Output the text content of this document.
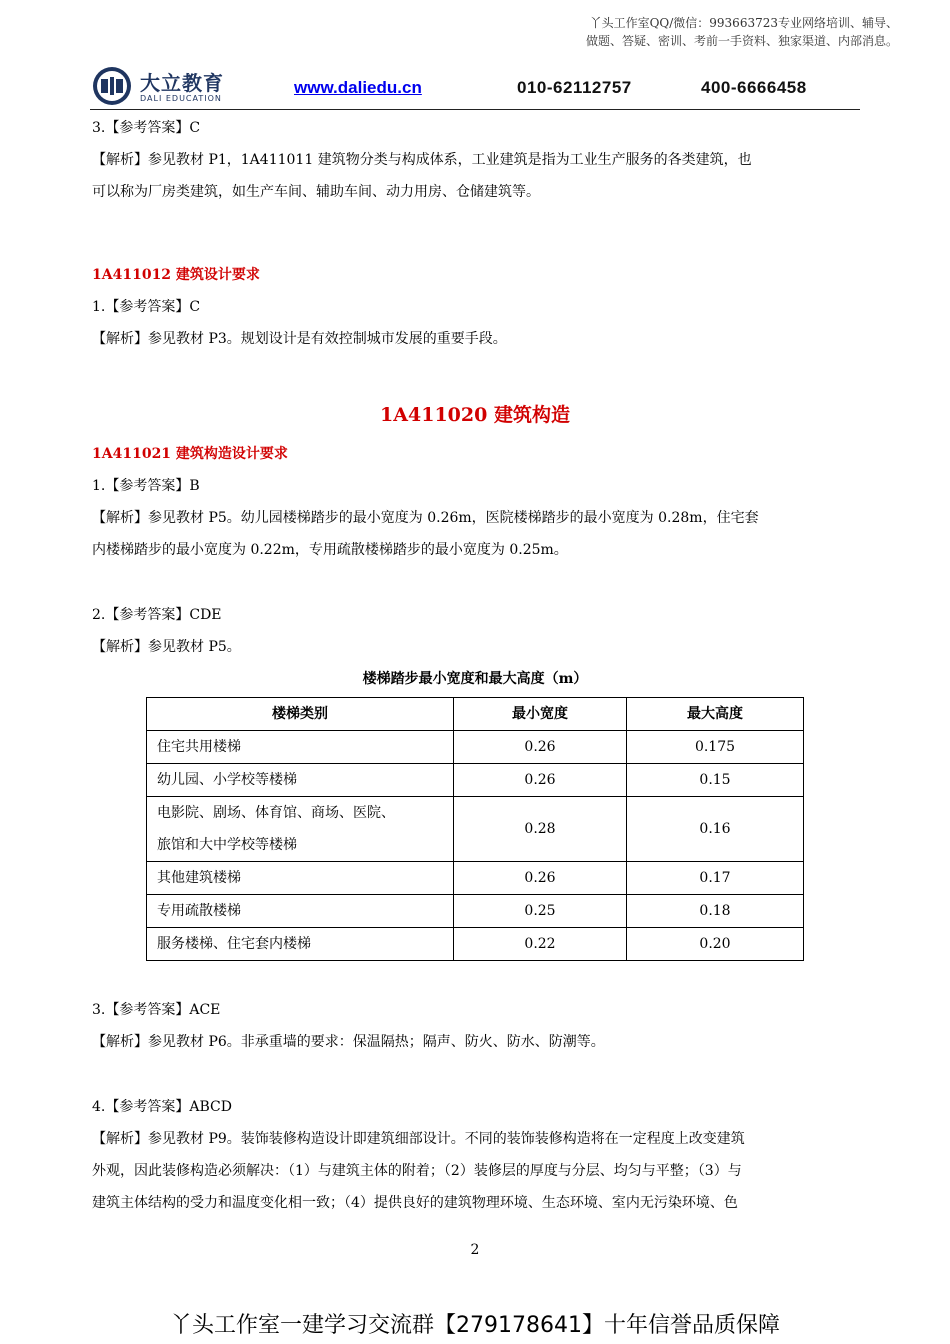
丫头工作室QQ/微信：993663723专业网络培训、辅导、
做题、答疑、密训、考前一手资料、独家渠道、内部消息。
大立教育
DALI EDUCATION
www.daliedu.cn	010-62112757	400-6666458
3.【参考答案】C
【解析】参见教材 P1，1A411011 建筑物分类与构成体系，工业建筑是指为工业生产服务的各类建筑，也
可以称为厂房类建筑，如生产车间、辅助车间、动力用房、仓储建筑等。
1A411012 建筑设计要求
1.【参考答案】C
【解析】参见教材 P3。规划设计是有效控制城市发展的重要手段。
1A411020 建筑构造
1A411021 建筑构造设计要求
1.【参考答案】B
【解析】参见教材 P5。幼儿园楼梯踏步的最小宽度为 0.26m，医院楼梯踏步的最小宽度为 0.28m，住宅套
内楼梯踏步的最小宽度为 0.22m，专用疏散楼梯踏步的最小宽度为 0.25m。
2.【参考答案】CDE
【解析】参见教材 P5。
楼梯踏步最小宽度和最大高度（m）
楼梯类别	最小宽度	最大高度
住宅共用楼梯	0.26	0.175
幼儿园、小学校等楼梯	0.26	0.15

电影院、剧场、体育馆、商场、医院、
旅馆和大中学校等楼梯	0.28	0.16
其他建筑楼梯	0.26	0.17
专用疏散楼梯	0.25	0.18
服务楼梯、住宅套内楼梯	0.22	0.20
3.【参考答案】ACE
【解析】参见教材 P6。非承重墙的要求：保温隔热；隔声、防火、防水、防潮等。
4.【参考答案】ABCD
【解析】参见教材 P9。装饰装修构造设计即建筑细部设计。不同的装饰装修构造将在一定程度上改变建筑
外观，因此装修构造必须解决：（1）与建筑主体的附着；（2）装修层的厚度与分层、均匀与平整；（3）与
建筑主体结构的受力和温度变化相一致；（4）提供良好的建筑物理环境、生态环境、室内无污染环境、色
2
丫头工作室一建学习交流群【279178641】十年信誉品质保障
